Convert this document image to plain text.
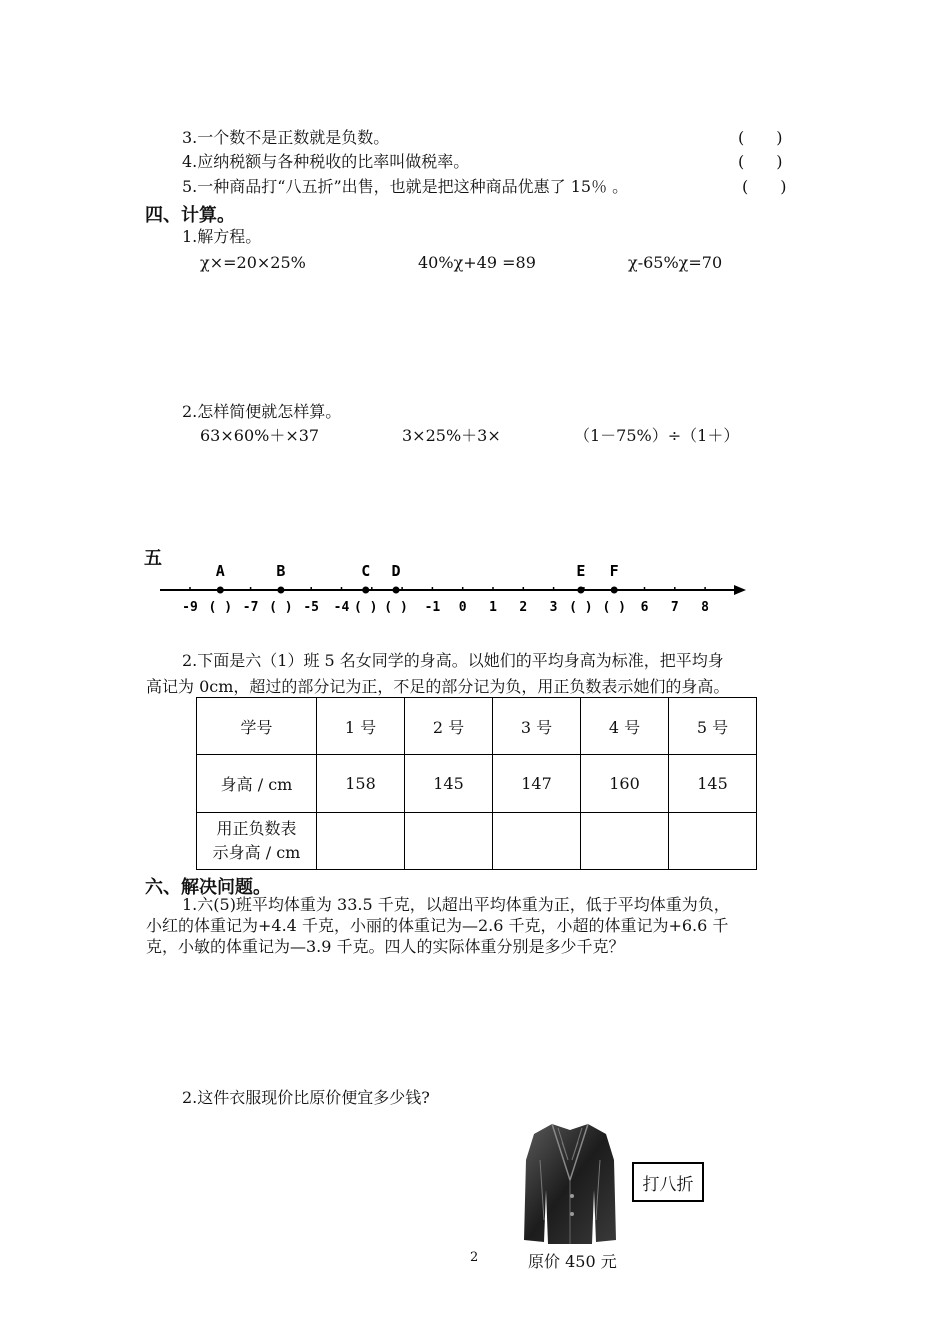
3.一个数不是正数就是负数。	(　　)
4.应纳税额与各种税收的比率叫做税率。	(　　)
5.一种商品打“八五折”出售，也就是把这种商品优惠了 15％ 。	(　　)
四、计算。
1.解方程。
χ×=20×25%	40%χ+49 =89	χ-65%χ=70
2.怎样简便就怎样算。
63×60%＋×37	3×25%＋3×	（1－75%）÷（1＋）
五
A	B	C D	E F
-9	-7	-5 -4	-1 0 1 2 3	6 7 8
( )	( )	( ) ( )	( ) ( )
2.下面是六（1）班 5 名女同学的身高。以她们的平均身高为标准，把平均身
高记为 0cm，超过的部分记为正，不足的部分记为负，用正负数表示她们的身高。
学号	1 号	2 号	3 号	4 号	5 号
身高 / cm	158	145	147	160	145
用正负数表
示身高 / cm					
六、解决问题。
1.六(5)班平均体重为 33.5 千克，以超出平均体重为正，低于平均体重为负，
小红的体重记为+4.4 千克，小丽的体重记为—2.6 千克，小超的体重记为+6.6 千
克，小敏的体重记为—3.9 千克。四人的实际体重分别是多少千克？
2.这件衣服现价比原价便宜多少钱?
打八折
2	原价 450 元
